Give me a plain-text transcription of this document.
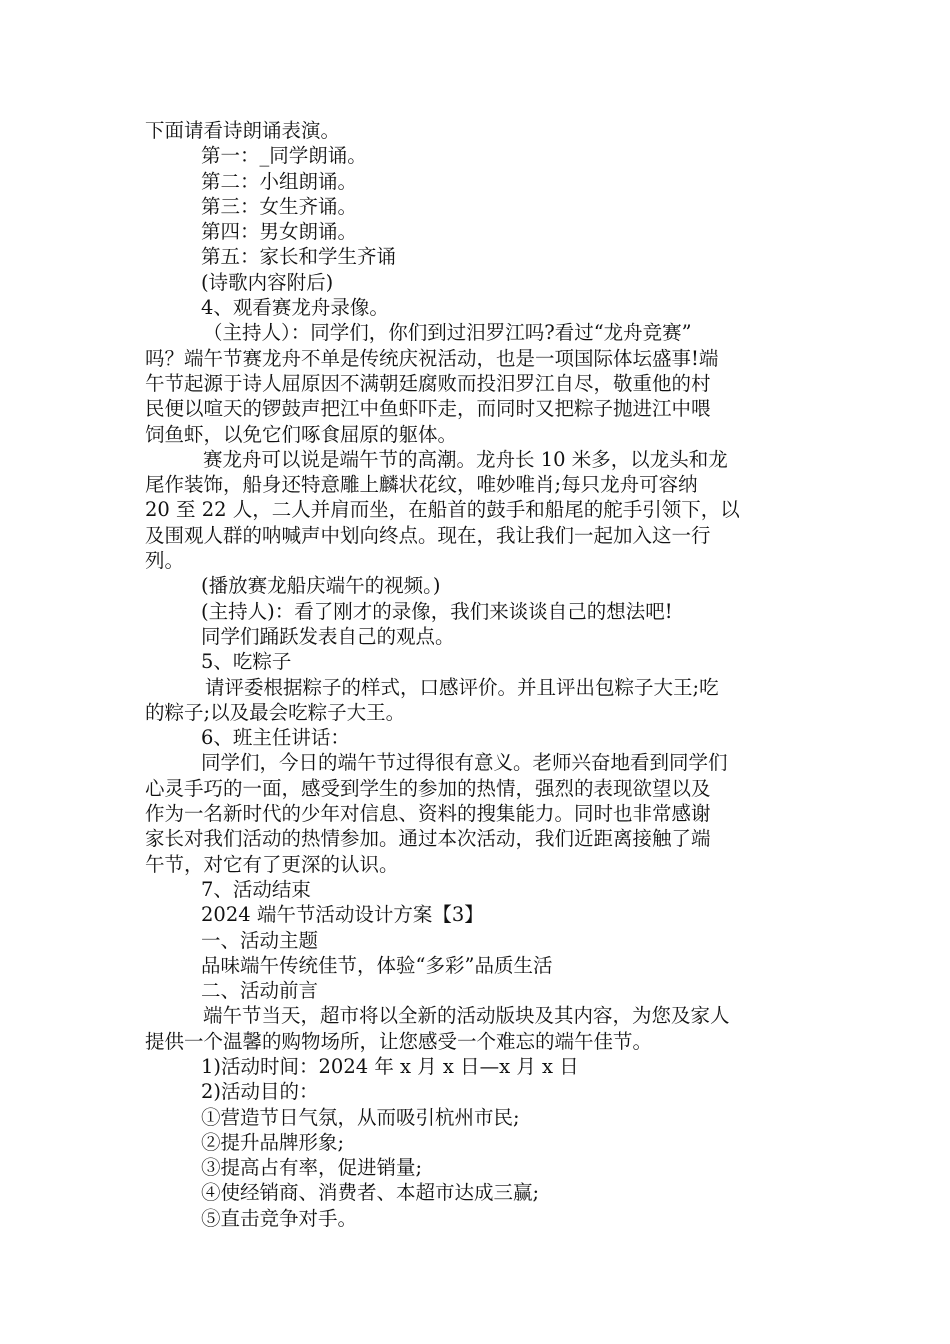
下面请看诗朗诵表演。
第一：_同学朗诵。
第二：小组朗诵。
第三：女生齐诵。
第四：男女朗诵。
第五：家长和学生齐诵
(诗歌内容附后)
4、观看赛龙舟录像。
（主持人）：同学们，你们到过汨罗江吗?看过“龙舟竞赛”
吗？端午节赛龙舟不单是传统庆祝活动，也是一项国际体坛盛事!端
午节起源于诗人屈原因不满朝廷腐败而投汨罗江自尽，敬重他的村
民便以喧天的锣鼓声把江中鱼虾吓走，而同时又把粽子抛进江中喂
饲鱼虾，以免它们啄食屈原的躯体。
赛龙舟可以说是端午节的高潮。龙舟长 10 米多，以龙头和龙
尾作装饰，船身还特意雕上麟状花纹，唯妙唯肖;每只龙舟可容纳
20 至 22 人，二人并肩而坐，在船首的鼓手和船尾的舵手引领下，以
及围观人群的呐喊声中划向终点。现在，我让我们一起加入这一行
列。
(播放赛龙船庆端午的视频。)
(主持人)：看了刚才的录像，我们来谈谈自己的想法吧!
同学们踊跃发表自己的观点。
5、吃粽子
请评委根据粽子的样式，口感评价。并且评出包粽子大王;吃
的粽子;以及最会吃粽子大王。
6、班主任讲话：
同学们，今日的端午节过得很有意义。老师兴奋地看到同学们
心灵手巧的一面，感受到学生的参加的热情，强烈的表现欲望以及
作为一名新时代的少年对信息、资料的搜集能力。同时也非常感谢
家长对我们活动的热情参加。通过本次活动，我们近距离接触了端
午节，对它有了更深的认识。
7、活动结束
2024 端午节活动设计方案【3】
一、活动主题
品味端午传统佳节，体验“多彩”品质生活
二、活动前言
端午节当天，超市将以全新的活动版块及其内容，为您及家人
提供一个温馨的购物场所，让您感受一个难忘的端午佳节。
1)活动时间：2024 年 x 月 x 日—x 月 x 日
2)活动目的：
①营造节日气氛，从而吸引杭州市民;
②提升品牌形象;
③提高占有率，促进销量;
④使经销商、消费者、本超市达成三赢;
⑤直击竞争对手。
